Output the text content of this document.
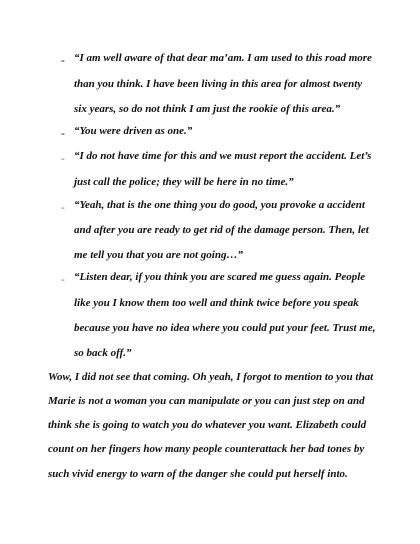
- “I am well aware of that dear ma’am. I am used to this road more
than you think. I have been living in this area for almost twenty
six years, so do not think I am just the rookie of this area.”
- “You were driven as one.”
- “I do not have time for this and we must report the accident. Let’s
just call the police; they will be here in no time.”
- “Yeah, that is the one thing you do good, you provoke a accident
and after you are ready to get rid of the damage person. Then, let
me tell you that you are not going…”
- “Listen dear, if you think you are scared me guess again. People
like you I know them too well and think twice before you speak
because you have no idea where you could put your feet. Trust me,
so back off.”
Wow, I did not see that coming. Oh yeah, I forgot to mention to you that
Marie is not a woman you can manipulate or you can just step on and
think she is going to watch you do whatever you want. Elizabeth could
count on her fingers how many people counterattack her bad tones by
such vivid energy to warn of the danger she could put herself into.
